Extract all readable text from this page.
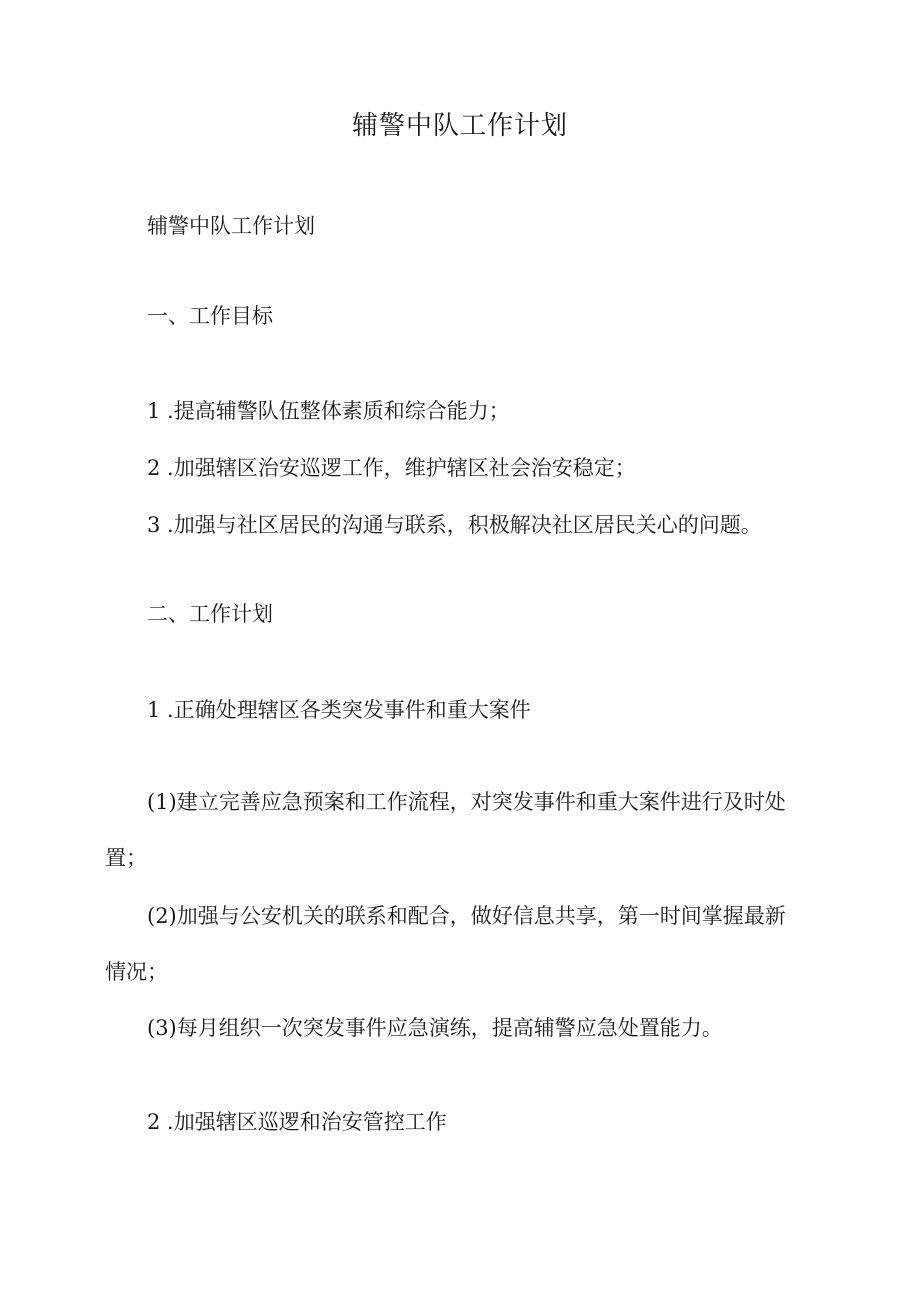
辅警中队工作计划
辅警中队工作计划
一、工作目标
1 .提高辅警队伍整体素质和综合能力；
2 .加强辖区治安巡逻工作，维护辖区社会治安稳定；
3 .加强与社区居民的沟通与联系，积极解决社区居民关心的问题。
二、工作计划
1 .正确处理辖区各类突发事件和重大案件
(1)建立完善应急预案和工作流程，对突发事件和重大案件进行及时处置；
(2)加强与公安机关的联系和配合，做好信息共享，第一时间掌握最新情况；
(3)每月组织一次突发事件应急演练，提高辅警应急处置能力。
2 .加强辖区巡逻和治安管控工作
